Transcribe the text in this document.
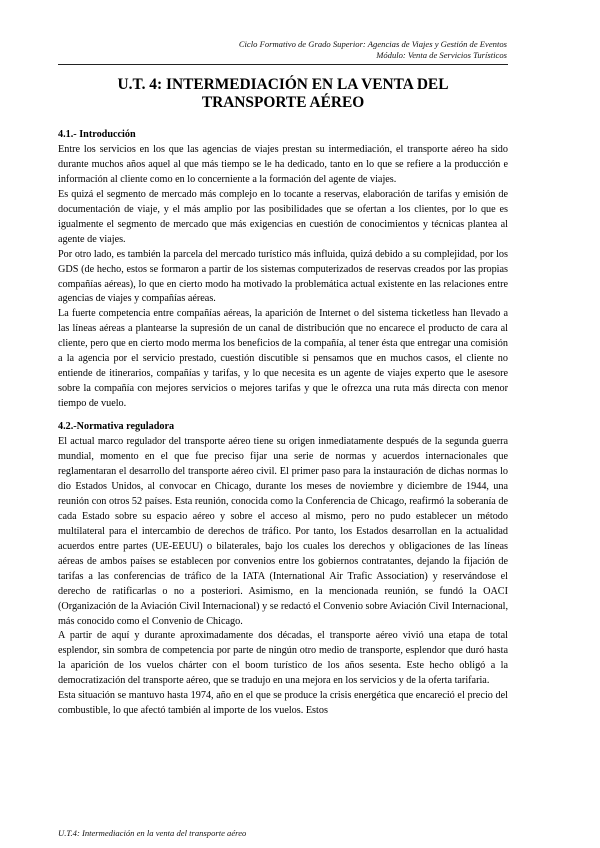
Ciclo Formativo de Grado Superior: Agencias de Viajes y Gestión de Eventos
Módulo: Venta de Servicios Turísticos
U.T. 4: INTERMEDIACIÓN EN LA VENTA DEL
TRANSPORTE AÉREO
4.1.- Introducción

Entre los servicios en los que las agencias de viajes prestan su intermediación, el transporte aéreo ha sido durante muchos años aquel al que más tiempo se le ha dedicado, tanto en lo que se refiere a la producción e información al cliente como en lo concerniente a la formación del agente de viajes.

Es quizá el segmento de mercado más complejo en lo tocante a reservas, elaboración de tarifas y emisión de documentación de viaje, y el más amplio por las posibilidades que se ofertan a los clientes, por lo que es igualmente el segmento de mercado que más exigencias en cuestión de conocimientos y técnicas plantea al agente de viajes.

Por otro lado, es también la parcela del mercado turístico más influida, quizá debido a su complejidad, por los GDS (de hecho, estos se formaron a partir de los sistemas computerizados de reservas creados por las propias compañías aéreas), lo que en cierto modo ha motivado la problemática actual existente en las relaciones entre agencias de viajes y compañías aéreas.

La fuerte competencia entre compañías aéreas, la aparición de Internet o del sistema ticketless han llevado a las líneas aéreas a plantearse la supresión de un canal de distribución que no encarece el producto de cara al cliente, pero que en cierto modo merma los beneficios de la compañía, al tener ésta que entregar una comisión a la agencia por el servicio prestado, cuestión discutible si pensamos que en muchos casos, el cliente no entiende de itinerarios, compañías y tarifas, y lo que necesita es un agente de viajes experto que le asesore sobre la compañía con mejores servicios o mejores tarifas y que le ofrezca una ruta más directa con menor tiempo de vuelo.

4.2.-Normativa reguladora

El actual marco regulador del transporte aéreo tiene su origen inmediatamente después de la segunda guerra mundial, momento en el que fue preciso fijar una serie de normas y acuerdos internacionales que reglamentaran el desarrollo del transporte aéreo civil. El primer paso para la instauración de dichas normas lo dio Estados Unidos, al convocar en Chicago, durante los meses de noviembre y diciembre de 1944, una reunión con otros 52 países. Esta reunión, conocida como la Conferencia de Chicago, reafirmó la soberanía de cada Estado sobre su espacio aéreo y sobre el acceso al mismo, pero no pudo establecer un método multilateral para el intercambio de derechos de tráfico. Por tanto, los Estados desarrollan en la actualidad acuerdos entre partes (UE-EEUU) o bilaterales, bajo los cuales los derechos y obligaciones de las líneas aéreas de ambos países se establecen por convenios entre los gobiernos contratantes, dejando la fijación de tarifas a las conferencias de tráfico de la IATA (International Air Trafic Association) y reservándose el derecho de ratificarlas o no a posteriori. Asimismo, en la mencionada reunión, se fundó la OACI (Organización de la Aviación Civil Internacional) y se redactó el Convenio sobre Aviación Civil Internacional, más conocido como el Convenio de Chicago.

A partir de aquí y durante aproximadamente dos décadas, el transporte aéreo vivió una etapa de total esplendor, sin sombra de competencia por parte de ningún otro medio de transporte, esplendor que duró hasta la aparición de los vuelos chárter con el boom turístico de los años sesenta. Este hecho obligó a la democratización del transporte aéreo, que se tradujo en una mejora en los servicios y de la oferta tarifaria.

Esta situación se mantuvo hasta 1974, año en el que se produce la crisis energética que encareció el precio del combustible, lo que afectó también al importe de los vuelos. Estos

U.T.4: Intermediación en la venta del transporte aéreo
